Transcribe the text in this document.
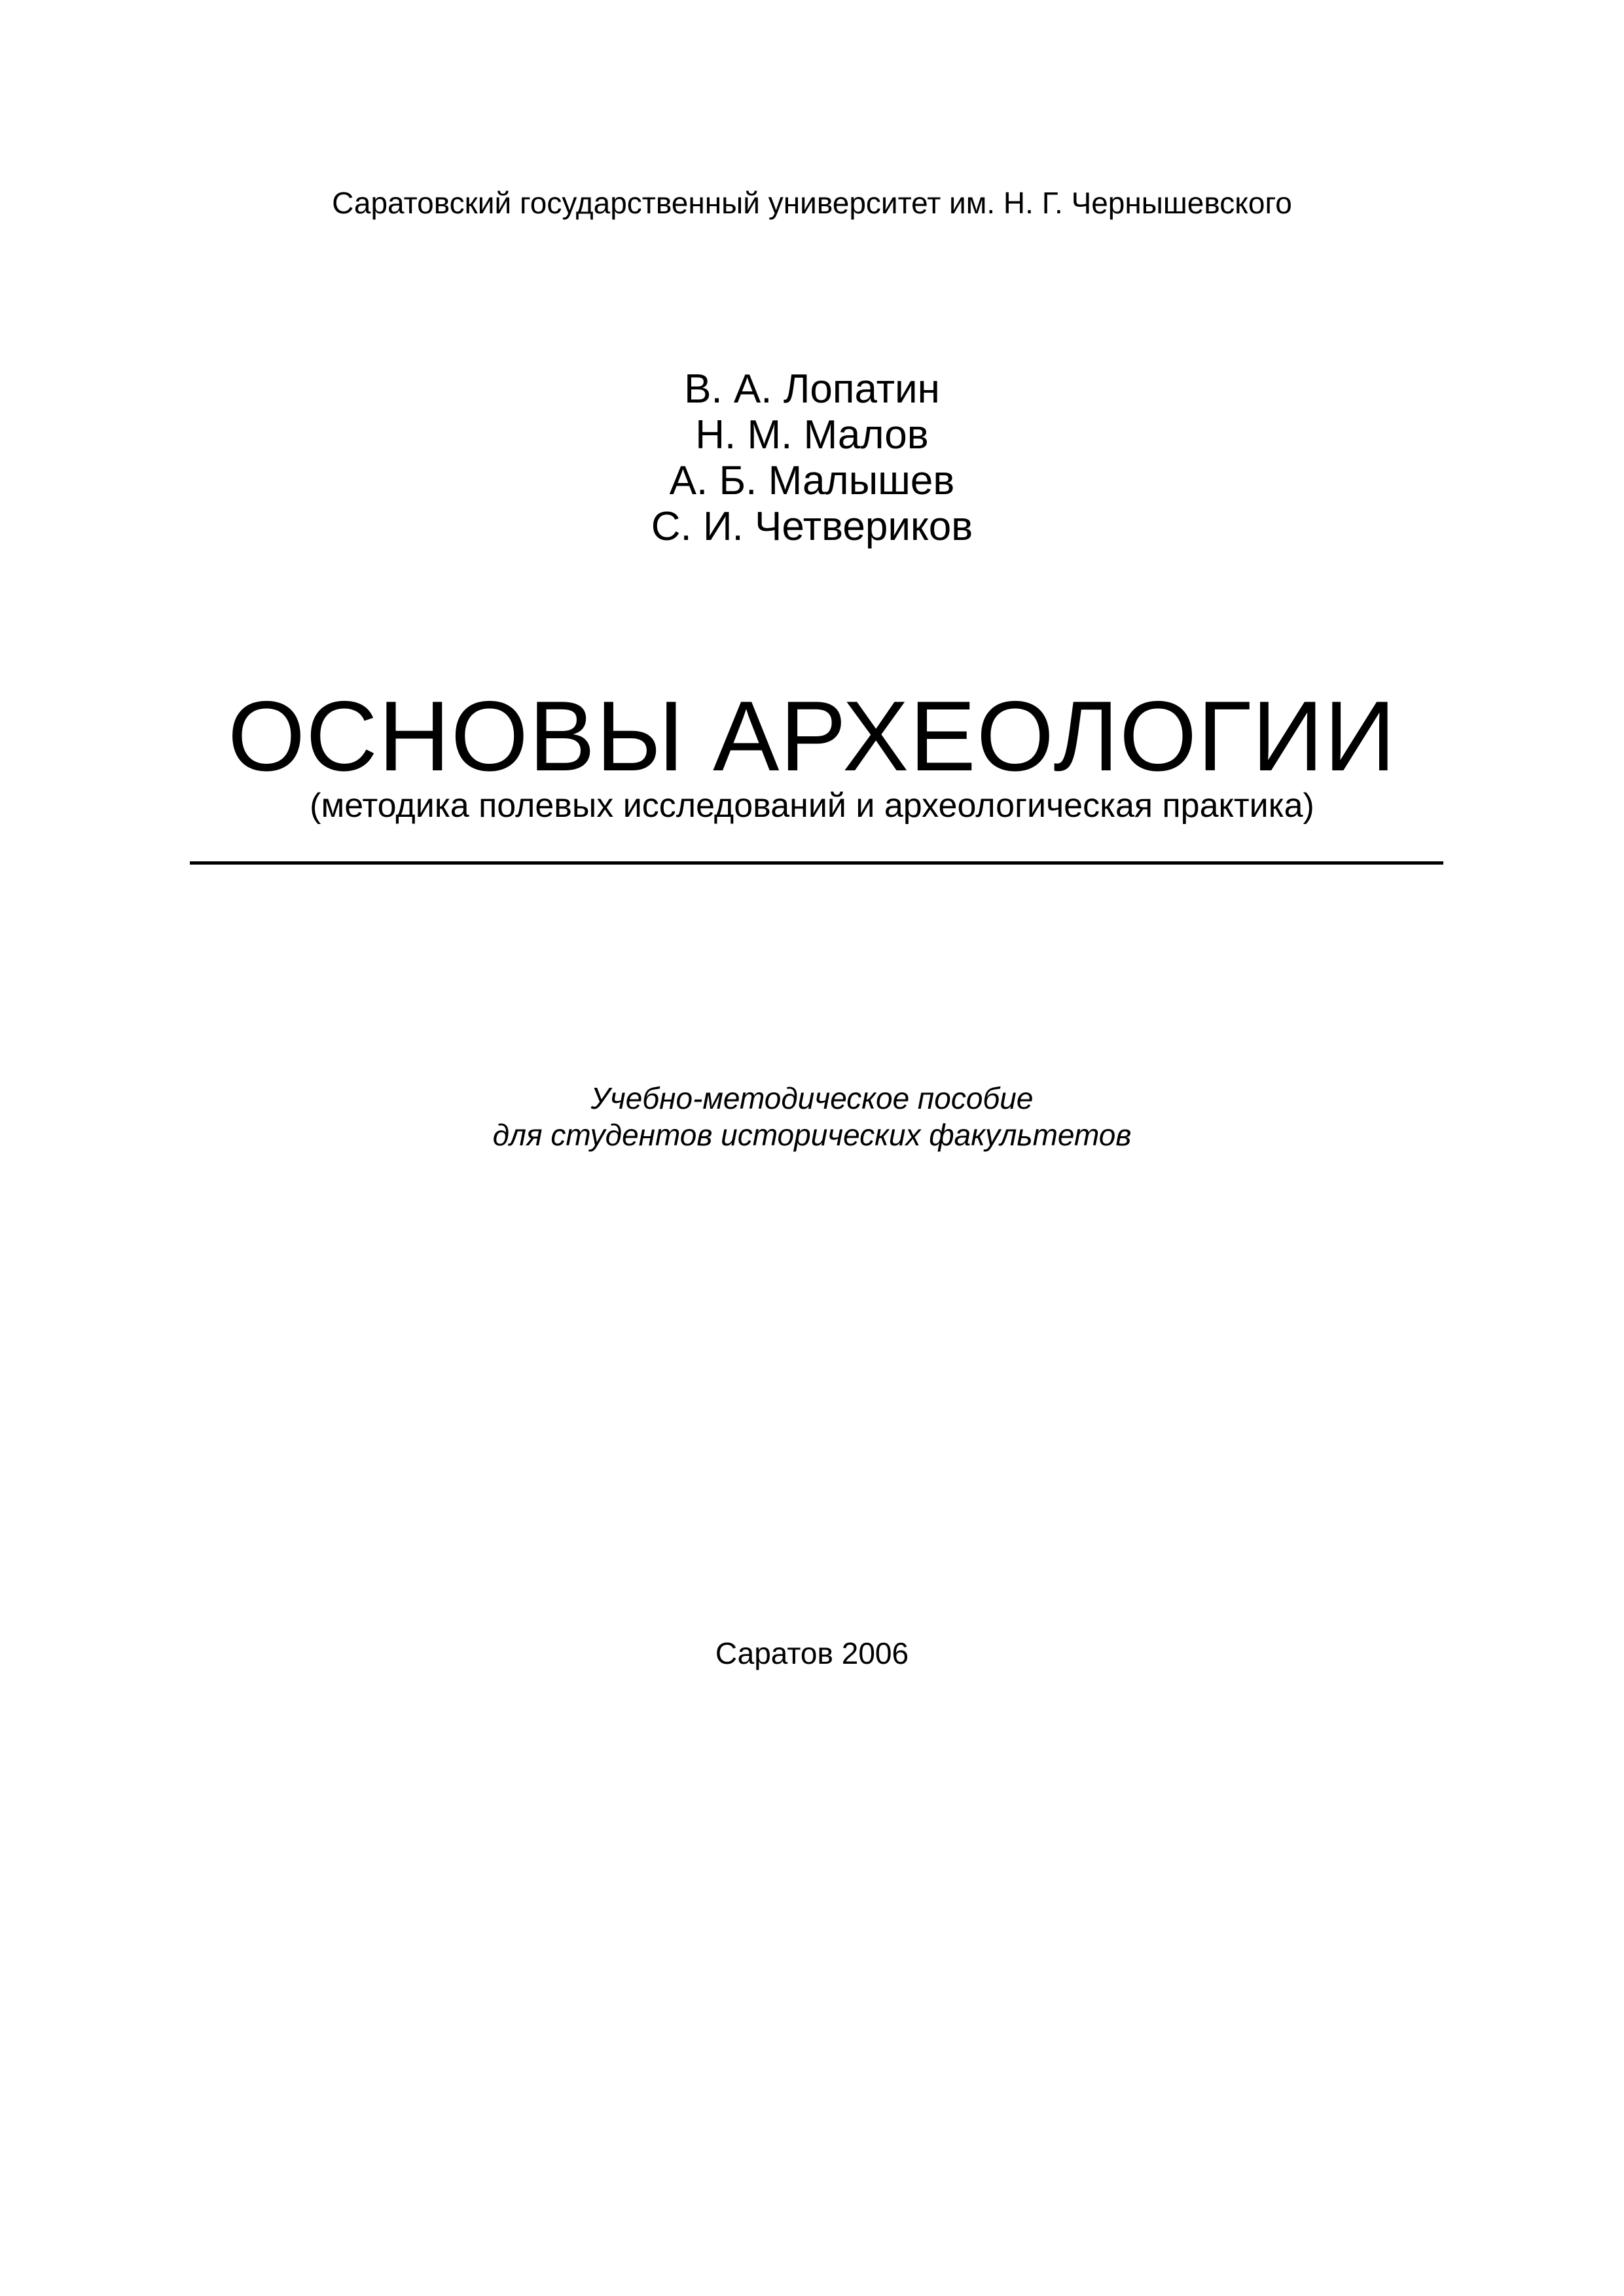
Саратовский государственный университет им. Н. Г. Чернышевского
В. А. Лопатин
Н. М. Малов
А. Б. Малышев
С. И. Четвериков
ОСНОВЫ АРХЕОЛОГИИ
(методика полевых исследований и археологическая практика)
Учебно-методическое пособие
для студентов исторических факультетов
Саратов 2006
